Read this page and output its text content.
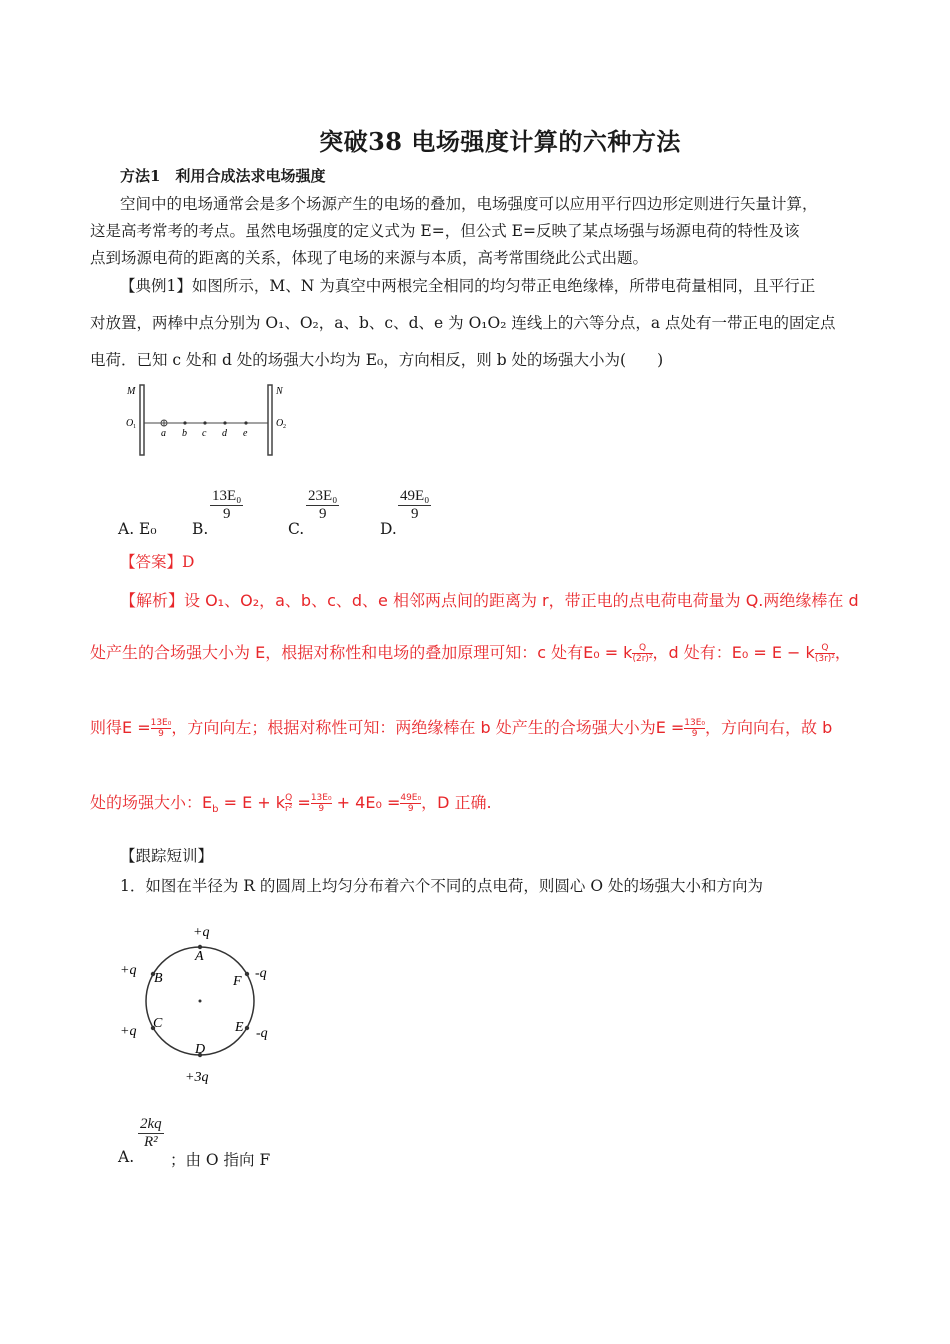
突破38 电场强度计算的六种方法
方法1　利用合成法求电场强度
空间中的电场通常会是多个场源产生的电场的叠加，电场强度可以应用平行四边形定则进行矢量计算，
这是高考常考的考点。虽然电场强度的定义式为 E=，但公式 E=反映了某点场强与场源电荷的特性及该
点到场源电荷的距离的关系，体现了电场的来源与本质，高考常围绕此公式出题。
【典例1】如图所示，M、N 为真空中两根完全相同的均匀带正电绝缘棒，所带电荷量相同，且平行正
对放置，两棒中点分别为 O₁、O₂，a、b、c、d、e 为 O₁O₂ 连线上的六等分点，a 点处有一带正电的固定点
电荷．已知 c 处和 d 处的场强大小均为 E₀，方向相反，则 b 处的场强大小为(　　)
M	N
O 1	O 2
a b c d e
A. E₀ B.
$\frac{\text{13E₀}}{9}$
C.
$\frac{\text{23E₀}}{9}$
D.
$\frac{\text{49E₀}}{9}$
【答案】D
【解析】设 O₁、O₂，a、b、c、d、e 相邻两点间的距离为 r，带正电的点电荷电荷量为 Q.两绝缘棒在 d
处产生的合场强大小为 E，根据对称性和电场的叠加原理可知：c 处有E₀ = k $\frac{Q}{\text{(2r)²}}$ ，d 处有：E₀ = E − k $\frac{Q}{\text{(3r)²}}$ ，
则得$E = \frac{\text{13E₀}}{9}$ ，方向向左；根据对称性可知：两绝缘棒在 b 处产生的合场强大小为$E = \frac{\text{13E₀}}{9}$ ，方向向右，故 b
处的场强大小：$E_b = E + k \frac{Q}{\text{r²}} = \frac{\text{13E₀}}{9} + 4E_0 = \frac{\text{49E₀}}{9}$ ，D 正确.
【跟踪短训】
1．如图在半径为 R 的圆周上均匀分布着六个不同的点电荷，则圆心 O 处的场强大小和方向为
+q
A
+q
B	-q
F
+q
C
-q
E
D
+3q
A.
$\frac{2kq}{\text{R²}}$
；由 O 指向 F
